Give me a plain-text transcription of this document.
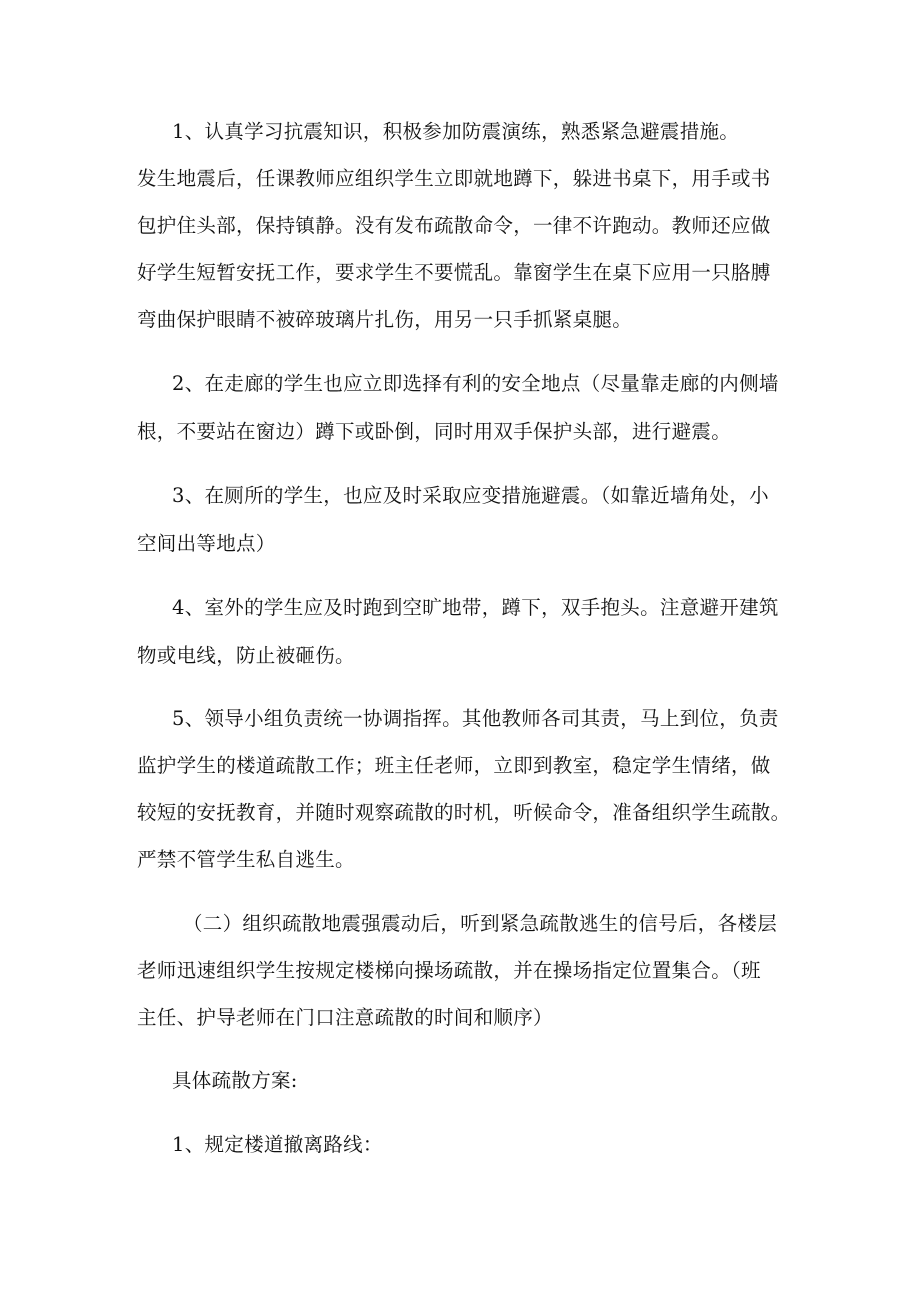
1、认真学习抗震知识，积极参加防震演练，熟悉紧急避震措施。

发生地震后，任课教师应组织学生立即就地蹲下，躲进书桌下，用手或书

包护住头部，保持镇静。没有发布疏散命令，一律不许跑动。教师还应做

好学生短暂安抚工作，要求学生不要慌乱。靠窗学生在桌下应用一只胳膊

弯曲保护眼睛不被碎玻璃片扎伤，用另一只手抓紧桌腿。

2、在走廊的学生也应立即选择有利的安全地点（尽量靠走廊的内侧墙

根，不要站在窗边）蹲下或卧倒，同时用双手保护头部，进行避震。

3、在厕所的学生，也应及时采取应变措施避震。（如靠近墙角处，小

空间出等地点）

4、室外的学生应及时跑到空旷地带，蹲下，双手抱头。注意避开建筑

物或电线，防止被砸伤。

5、领导小组负责统一协调指挥。其他教师各司其责，马上到位，负责

监护学生的楼道疏散工作；班主任老师，立即到教室，稳定学生情绪，做

较短的安抚教育，并随时观察疏散的时机，听候命令，准备组织学生疏散。

严禁不管学生私自逃生。

（二）组织疏散地震强震动后，听到紧急疏散逃生的信号后，各楼层

老师迅速组织学生按规定楼梯向操场疏散，并在操场指定位置集合。（班

主任、护导老师在门口注意疏散的时间和顺序）

具体疏散方案:

1、规定楼道撤离路线：
